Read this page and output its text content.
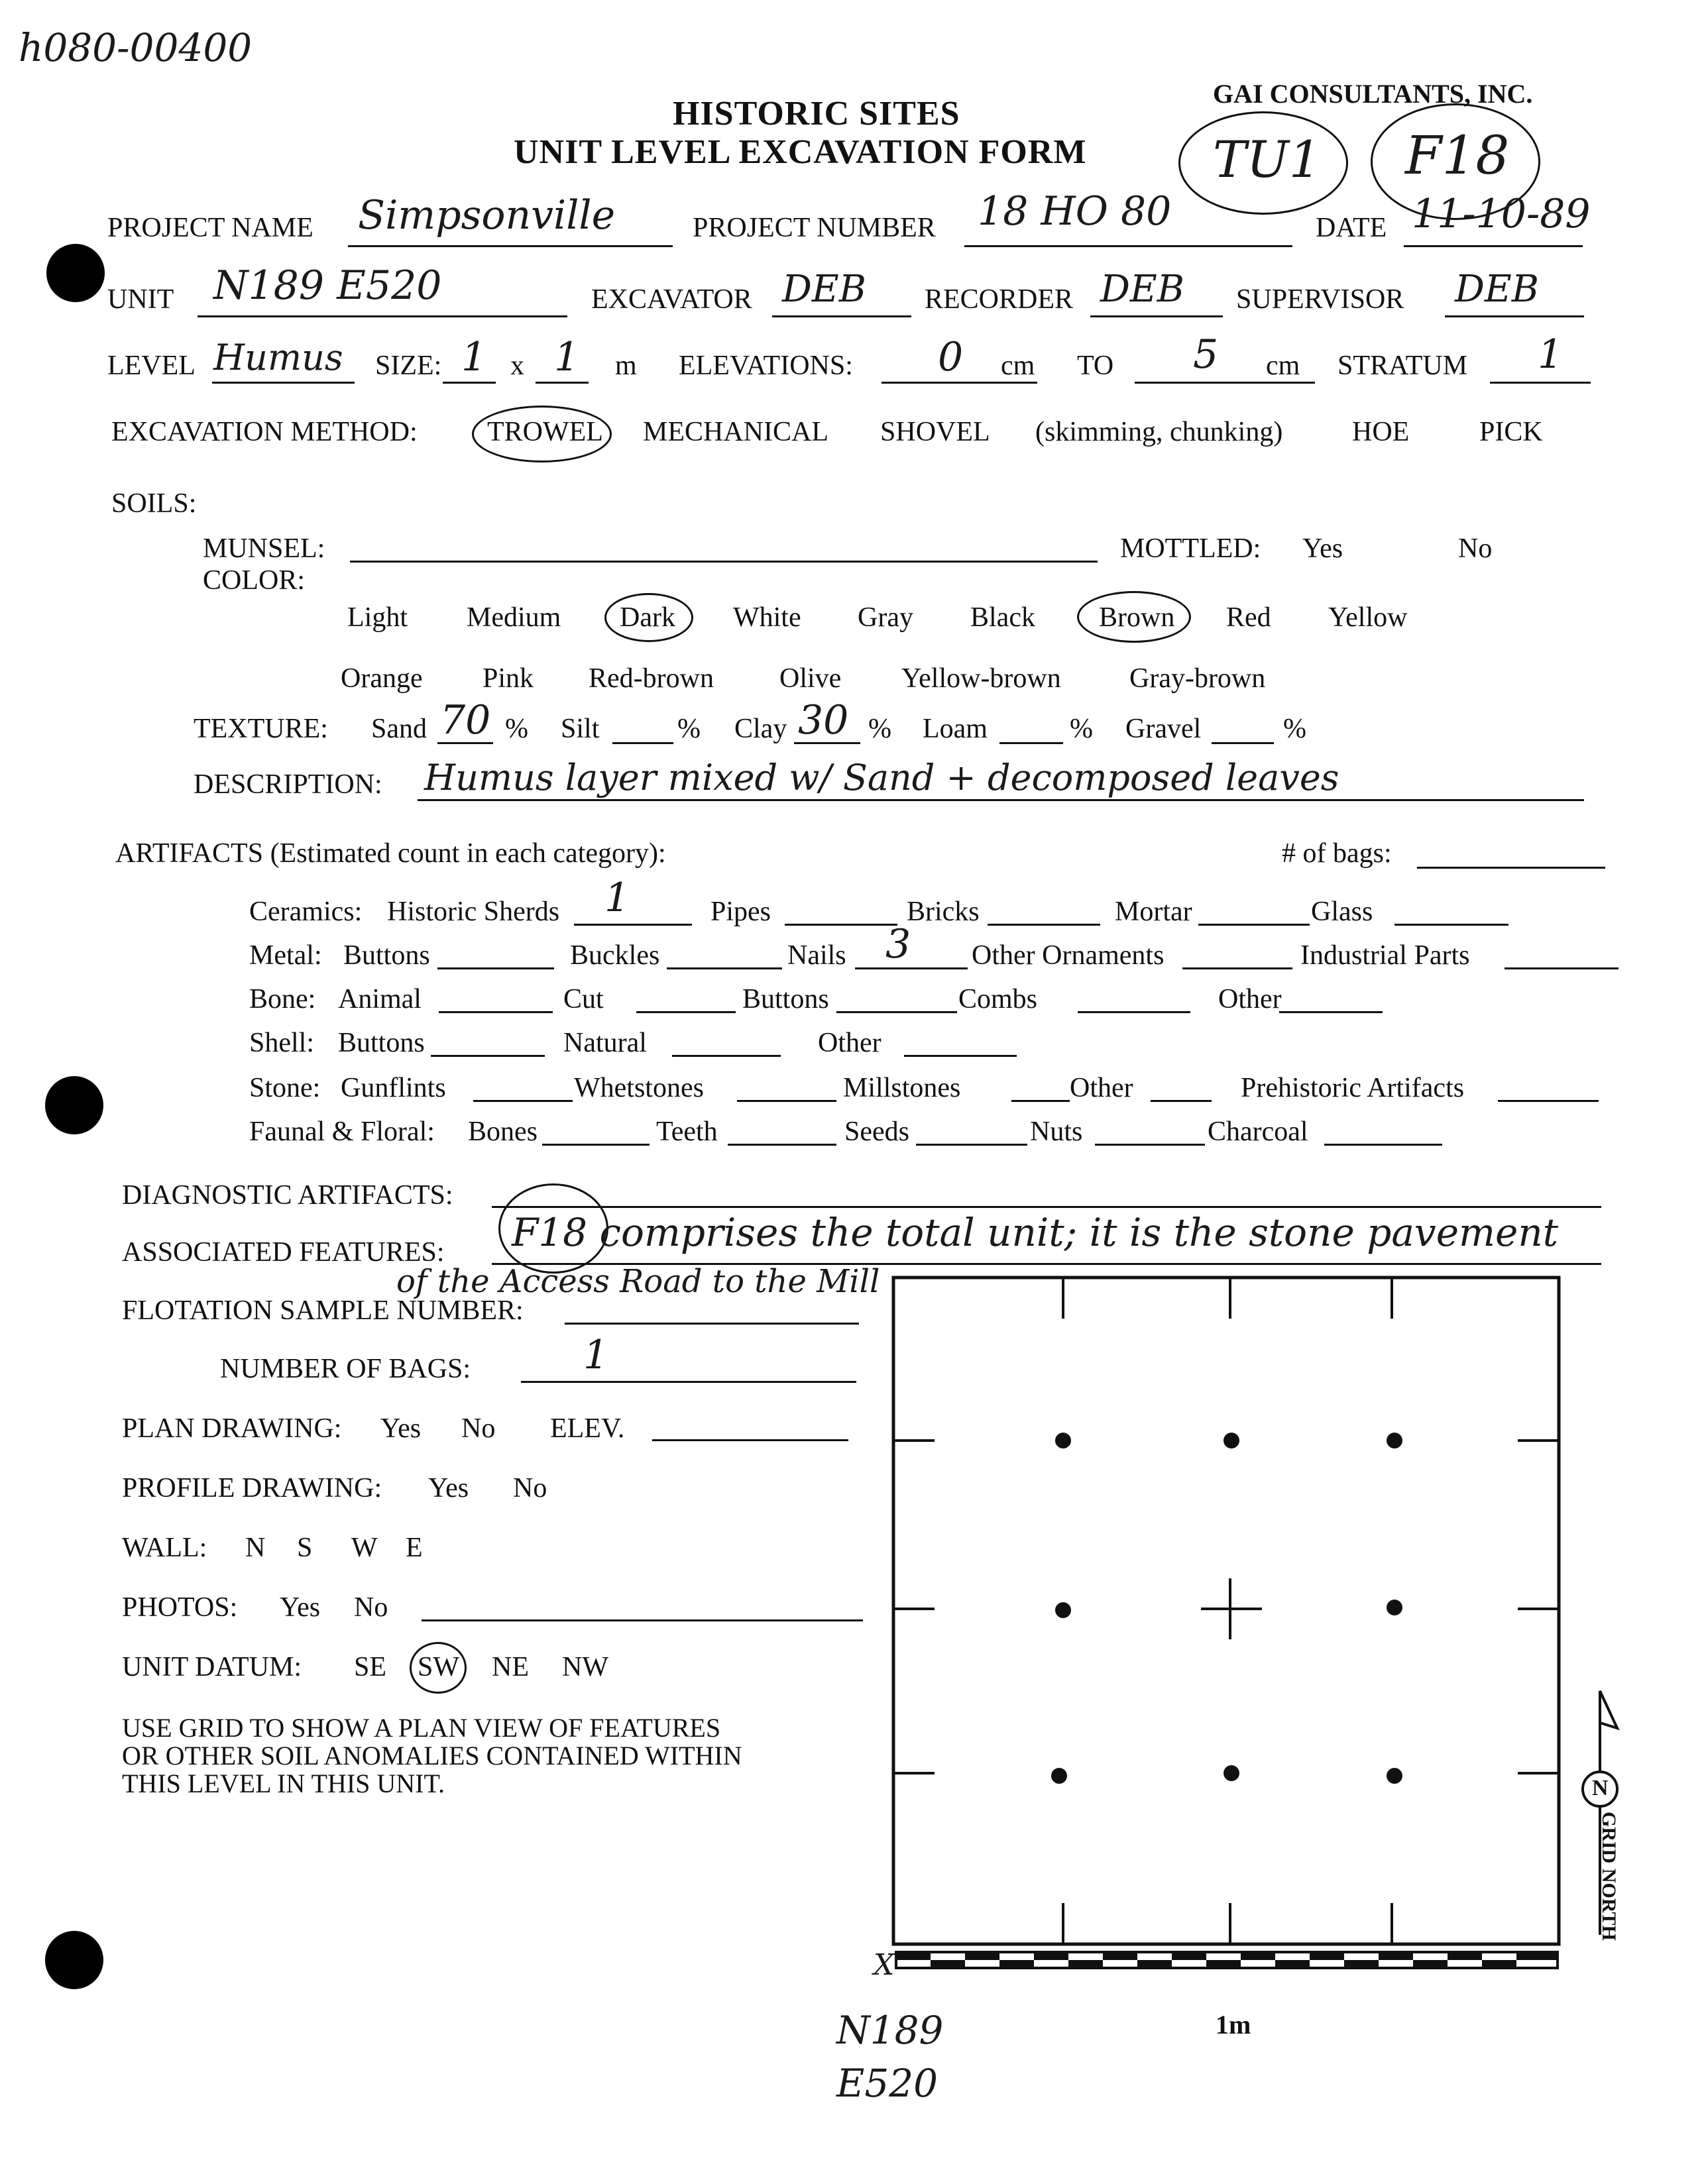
h080-00400
GAI CONSULTANTS, INC.
HISTORIC SITES
UNIT LEVEL EXCAVATION FORM	TU1 F18
PROJECT NAME Simpsonville	PROJECT NUMBER 18 HO 80	DATE 11-10-89
UNIT N189 E520	EXCAVATOR DEB RECORDER DEB SUPERVISOR DEB
LEVEL Humus SIZE: 1 x 1 m ELEVATIONS: 0 cm TO 5 cm STRATUM 1
EXCAVATION METHOD:	TROWEL MECHANICAL SHOVEL (skimming, chunking) HOE	PICK
SOILS:
MUNSEL:
COLOR:
MOTTLED: Yes	No
Light Medium Dark White Gray Black Brown Red Yellow
Orange Pink Red-brown Olive Yellow-brown Gray-brown
TEXTURE: Sand 70 % Silt	% Clay 30 % Loam	% Gravel	%
DESCRIPTION: Humus layer mixed w/ Sand + decomposed leaves
ARTIFACTS (Estimated count in each category):	# of bags:
Ceramics: Historic Sherds 1	Pipes	Bricks	Mortar	Glass
Metal: Buttons	Buckles	Nails 3 Other Ornaments	Industrial Parts
Bone: Animal	Cut	Buttons	Combs	Other
Shell: Buttons	Natural	Other
Stone: Gunflints	Whetstones	Millstones	Other	Prehistoric Artifacts
Faunal & Floral: Bones	Teeth	Seeds	Nuts	Charcoal
DIAGNOSTIC ARTIFACTS:
ASSOCIATED FEATURES: F18 comprises the total unit; it is the stone pavement
of the Access Road to the Mill
FLOTATION SAMPLE NUMBER:
NUMBER OF BAGS:	1
PLAN DRAWING: Yes No ELEV.
PROFILE DRAWING: Yes No
WALL: N S W E
PHOTOS: Yes No
UNIT DATUM: SE SW NE NW
USE GRID TO SHOW A PLAN VIEW OF FEATURES
OR OTHER SOIL ANOMALIES CONTAINED WITHIN
THIS LEVEL IN THIS UNIT.	N
GRID NORTH
1m
X
N189
E520
